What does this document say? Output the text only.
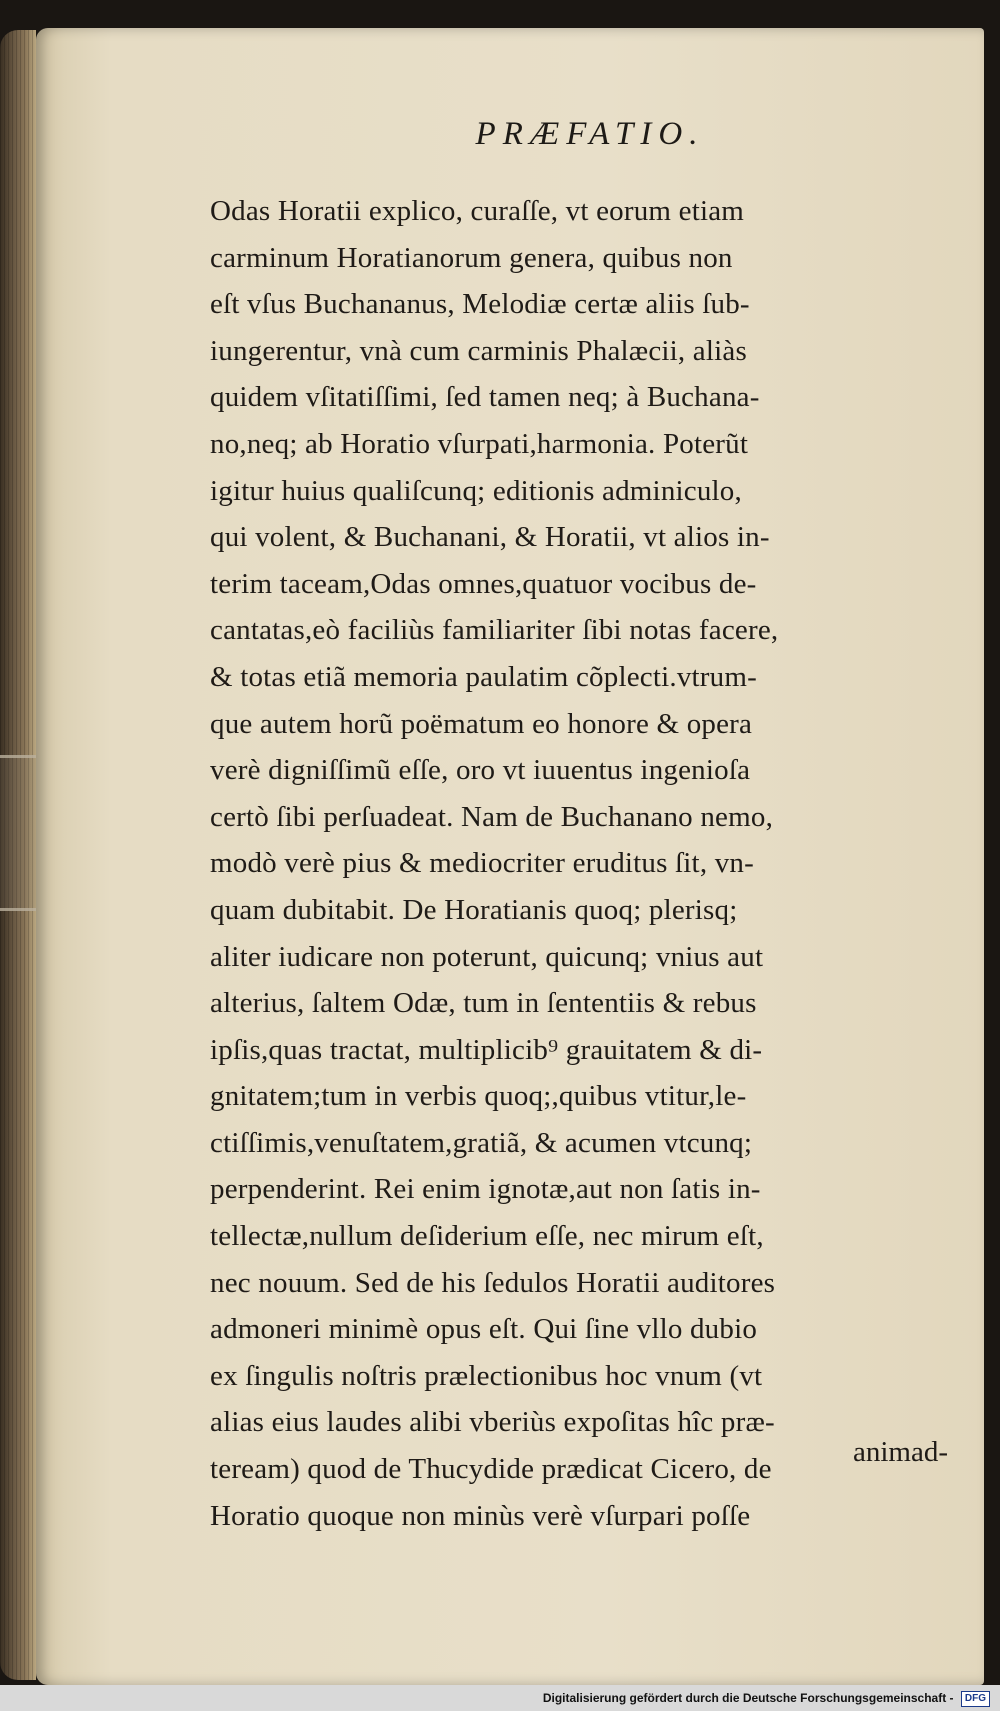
PRÆFATIO.
Odas Horatii explico, curaſſe, vt eorum etiam
carminum Horatianorum genera, quibus non
eſt vſus Buchananus, Melodiæ certæ aliis ſub-
iungerentur, vnà cum carminis Phalæcii, aliàs
quidem vſitatiſſimi, ſed tamen neq; à Buchana-
no,neq; ab Horatio vſurpati,harmonia. Poterũt
igitur huius qualiſcunq; editionis adminiculo,
qui volent, & Buchanani, & Horatii, vt alios in-
terim taceam,Odas omnes,quatuor vocibus de-
cantatas,eò faciliùs familiariter ſibi notas facere,
& totas etiã memoria paulatim cõplecti.vtrum-
que autem horũ poëmatum eo honore & opera
verè digniſſimũ eſſe, oro vt iuuentus ingenioſa
certò ſibi perſuadeat. Nam de Buchanano nemo,
modò verè pius & mediocriter eruditus ſit, vn-
quam dubitabit. De Horatianis quoq; plerisq;
aliter iudicare non poterunt, quicunq; vnius aut
alterius, ſaltem Odæ, tum in ſententiis & rebus
ipſis,quas tractat, multiplicib⁹ grauitatem & di-
gnitatem;tum in verbis quoq;,quibus vtitur,le-
ctiſſimis,venuſtatem,gratiã, & acumen vtcunq;
perpenderint. Rei enim ignotæ,aut non ſatis in-
tellectæ,nullum deſiderium eſſe, nec mirum eſt,
nec nouum. Sed de his ſedulos Horatii auditores
admoneri minimè opus eſt. Qui ſine vllo dubio
ex ſingulis noſtris prælectionibus hoc vnum (vt
alias eius laudes alibi vberiùs expoſitas hîc præ-
teream) quod de Thucydide prædicat Cicero, de
Horatio quoque non minùs verè vſurpari poſſe
animad-
Digitalisierung gefördert durch die Deutsche Forschungsgemeinschaft - DFG
